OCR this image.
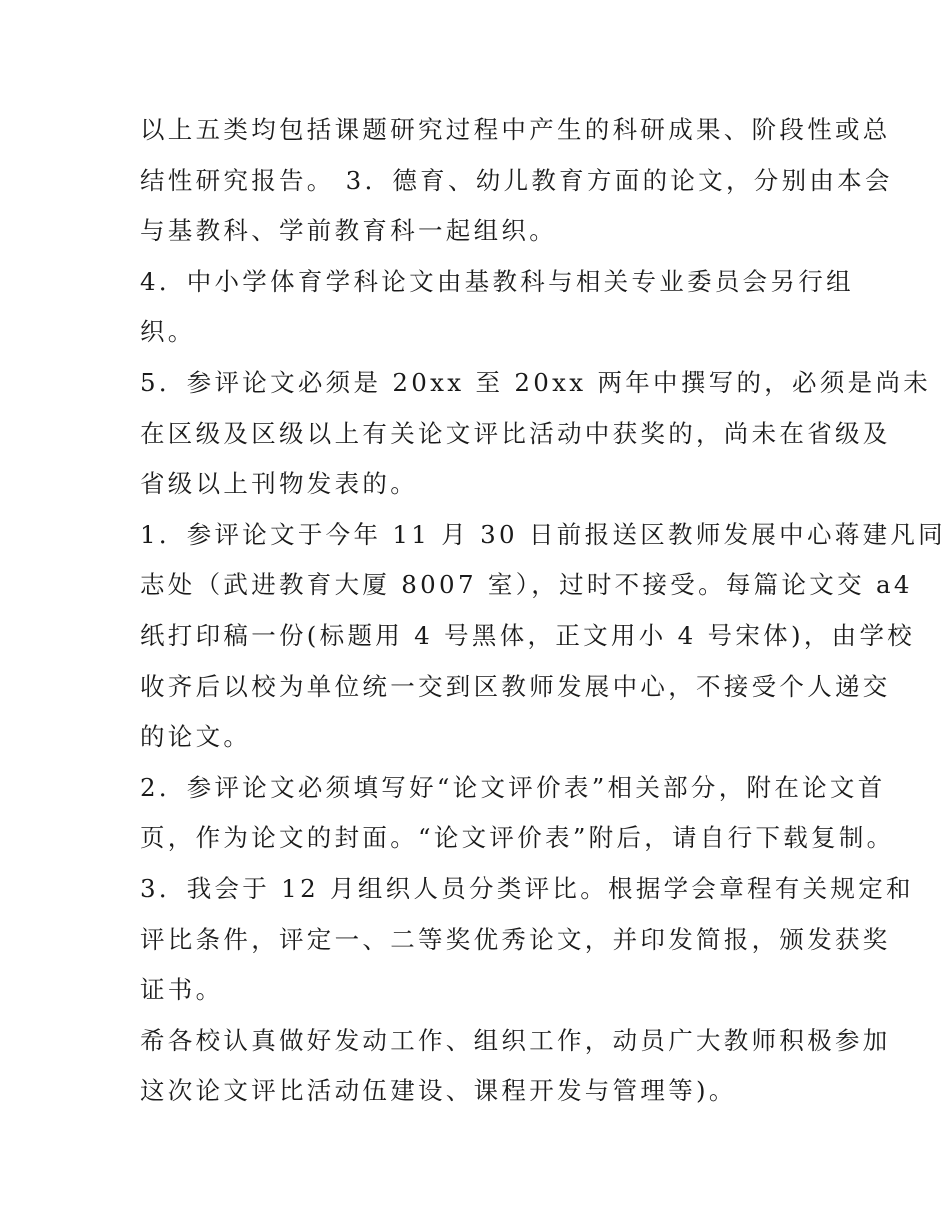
以上五类均包括课题研究过程中产生的科研成果、阶段性或总
结性研究报告。 3．德育、幼儿教育方面的论文，分别由本会
与基教科、学前教育科一起组织。
4．中小学体育学科论文由基教科与相关专业委员会另行组
织。
5．参评论文必须是 20xx 至 20xx 两年中撰写的，必须是尚未
在区级及区级以上有关论文评比活动中获奖的，尚未在省级及
省级以上刊物发表的。
1．参评论文于今年 11 月 30 日前报送区教师发展中心蒋建凡同
志处（武进教育大厦 8007 室），过时不接受。每篇论文交 a4
纸打印稿一份(标题用 4 号黑体，正文用小 4 号宋体)，由学校
收齐后以校为单位统一交到区教师发展中心，不接受个人递交
的论文。
2．参评论文必须填写好“论文评价表”相关部分，附在论文首
页，作为论文的封面。“论文评价表”附后，请自行下载复制。
3．我会于 12 月组织人员分类评比。根据学会章程有关规定和
评比条件，评定一、二等奖优秀论文，并印发简报，颁发获奖
证书。
希各校认真做好发动工作、组织工作，动员广大教师积极参加
这次论文评比活动伍建设、课程开发与管理等)。
